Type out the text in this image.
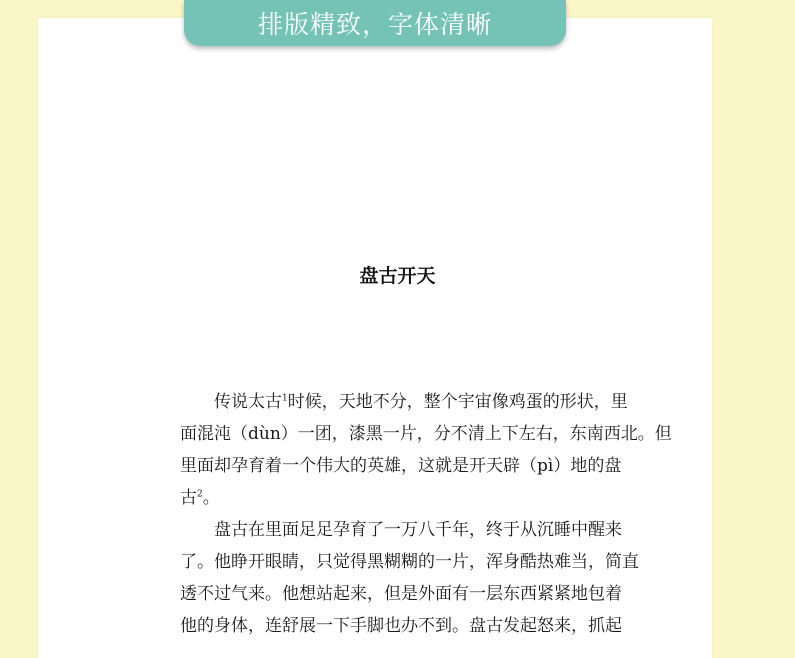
排版精致，字体清晰
盘古开天
传说太古$^1$时候，天地不分，整个宇宙像鸡蛋的形状，里
面混沌（dùn）一团，漆黑一片，分不清上下左右，东南西北。但
里面却孕育着一个伟大的英雄，这就是开天辟（pì）地的盘
古$^2$。
盘古在里面足足孕育了一万八千年，终于从沉睡中醒来
了。他睁开眼睛，只觉得黑糊糊的一片，浑身酷热难当，简直
透不过气来。他想站起来，但是外面有一层东西紧紧地包着
他的身体，连舒展一下手脚也办不到。盘古发起怒来，抓起
